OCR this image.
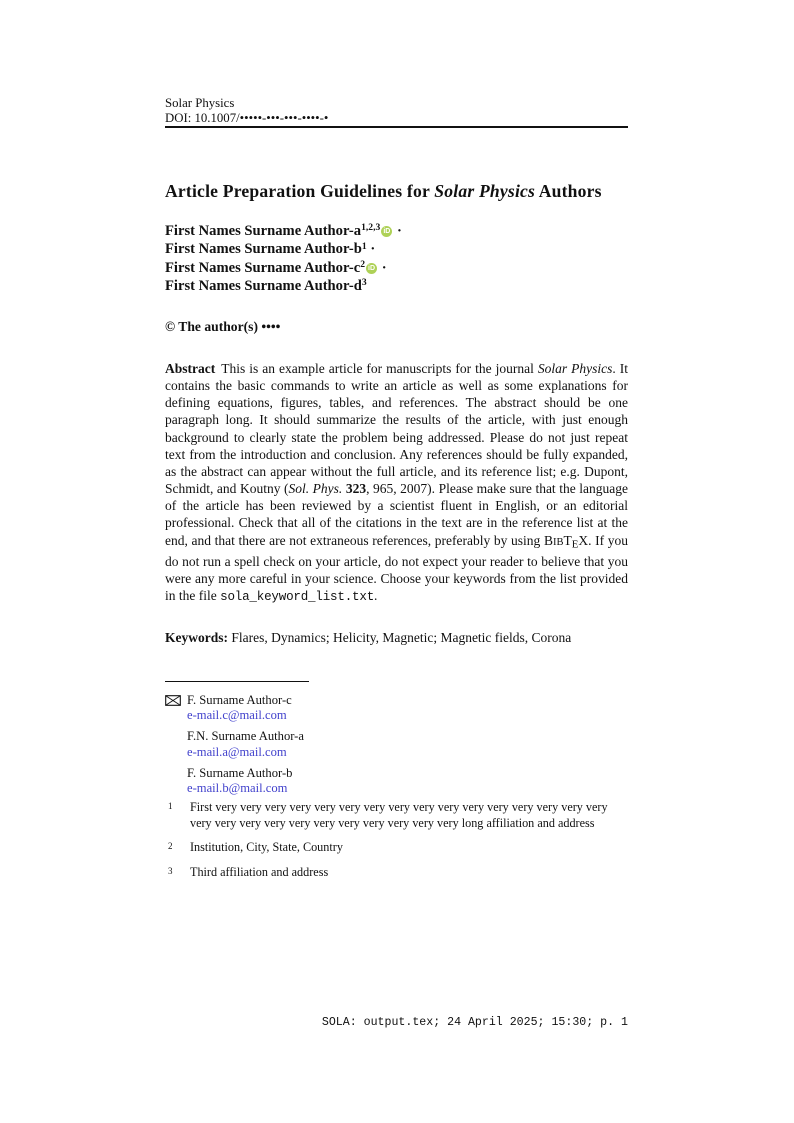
Solar Physics
DOI: 10.1007/•••••-•••-•••-••••-•
Article Preparation Guidelines for Solar Physics Authors
First Names Surname Author-$a^{1,2,3}$ iD ·
First Names Surname Author-$b^1$ ·
First Names Surname Author-$c^2$ iD ·
First Names Surname Author-$d^3$
© The author(s) ••••
Abstract This is an example article for manuscripts for the journal Solar Physics. It contains the basic commands to write an article as well as some explanations for defining equations, figures, tables, and references. The abstract should be one paragraph long. It should summarize the results of the article, with just enough background to clearly state the problem being addressed. Please do not just repeat text from the introduction and conclusion. Any references should be fully expanded, as the abstract can appear without the full article, and its reference list; e.g. Dupont, Schmidt, and Koutny (Sol. Phys. 323, 965, 2007). Please make sure that the language of the article has been reviewed by a scientist fluent in English, or an editorial professional. Check that all of the citations in the text are in the reference list at the end, and that there are not extraneous references, preferably by using BIBTEX. If you do not run a spell check on your article, do not expect your reader to believe that you were any more careful in your science. Choose your keywords from the list provided in the file sola_keyword_list.txt.
Keywords: Flares, Dynamics; Helicity, Magnetic; Magnetic fields, Corona
F. Surname Author-c
e-mail.c@mail.com
F.N. Surname Author-a
e-mail.a@mail.com
F. Surname Author-b
e-mail.b@mail.com
1	First very very very very very very very very very very very very very very very very very very very very very very very very very very very long affiliation and address
2	Institution, City, State, Country
3	Third affiliation and address
SOLA: output.tex; 24 April 2025; 15:30; p. 1
